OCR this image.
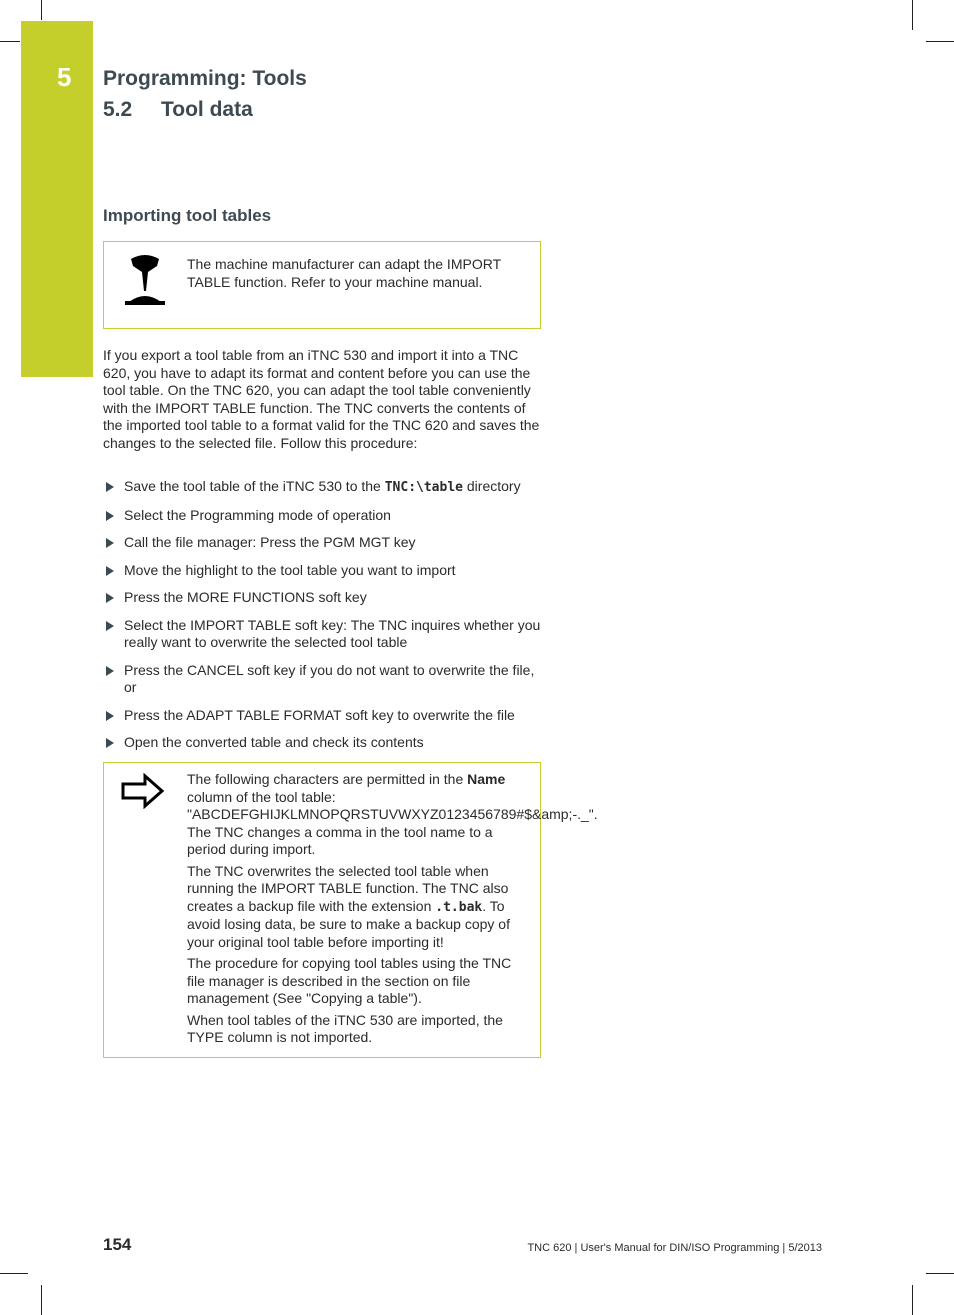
5 Programming: Tools
5.2 Tool data
Importing tool tables

The machine manufacturer can adapt the IMPORT TABLE function. Refer to your machine manual.

If you export a tool table from an iTNC 530 and import it into a TNC 620, you have to adapt its format and content before you can use the tool table. On the TNC 620, you can adapt the tool table conveniently with the IMPORT TABLE function. The TNC converts the contents of the imported tool table to a format valid for the TNC 620 and saves the changes to the selected file. Follow this procedure:

Save the tool table of the iTNC 530 to the TNC:\table directory
Select the Programming mode of operation
Call the file manager: Press the PGM MGT key
Move the highlight to the tool table you want to import
Press the MORE FUNCTIONS soft key
Select the IMPORT TABLE soft key: The TNC inquires whether you really want to overwrite the selected tool table
Press the CANCEL soft key if you do not want to overwrite the file, or
Press the ADAPT TABLE FORMAT soft key to overwrite the file
Open the converted table and check its contents

The following characters are permitted in the Name column of the tool table: "ABCDEFGHIJKLMNOPQRSTUVWXYZ0123456789#$&amp;-._". The TNC changes a comma in the tool name to a period during import.

The TNC overwrites the selected tool table when running the IMPORT TABLE function. The TNC also creates a backup file with the extension .t.bak. To avoid losing data, be sure to make a backup copy of your original tool table before importing it!

The procedure for copying tool tables using the TNC file manager is described in the section on file management (See "Copying a table").

When tool tables of the iTNC 530 are imported, the TYPE column is not imported.

154	TNC 620 | User's Manual for DIN/ISO Programming | 5/2013
